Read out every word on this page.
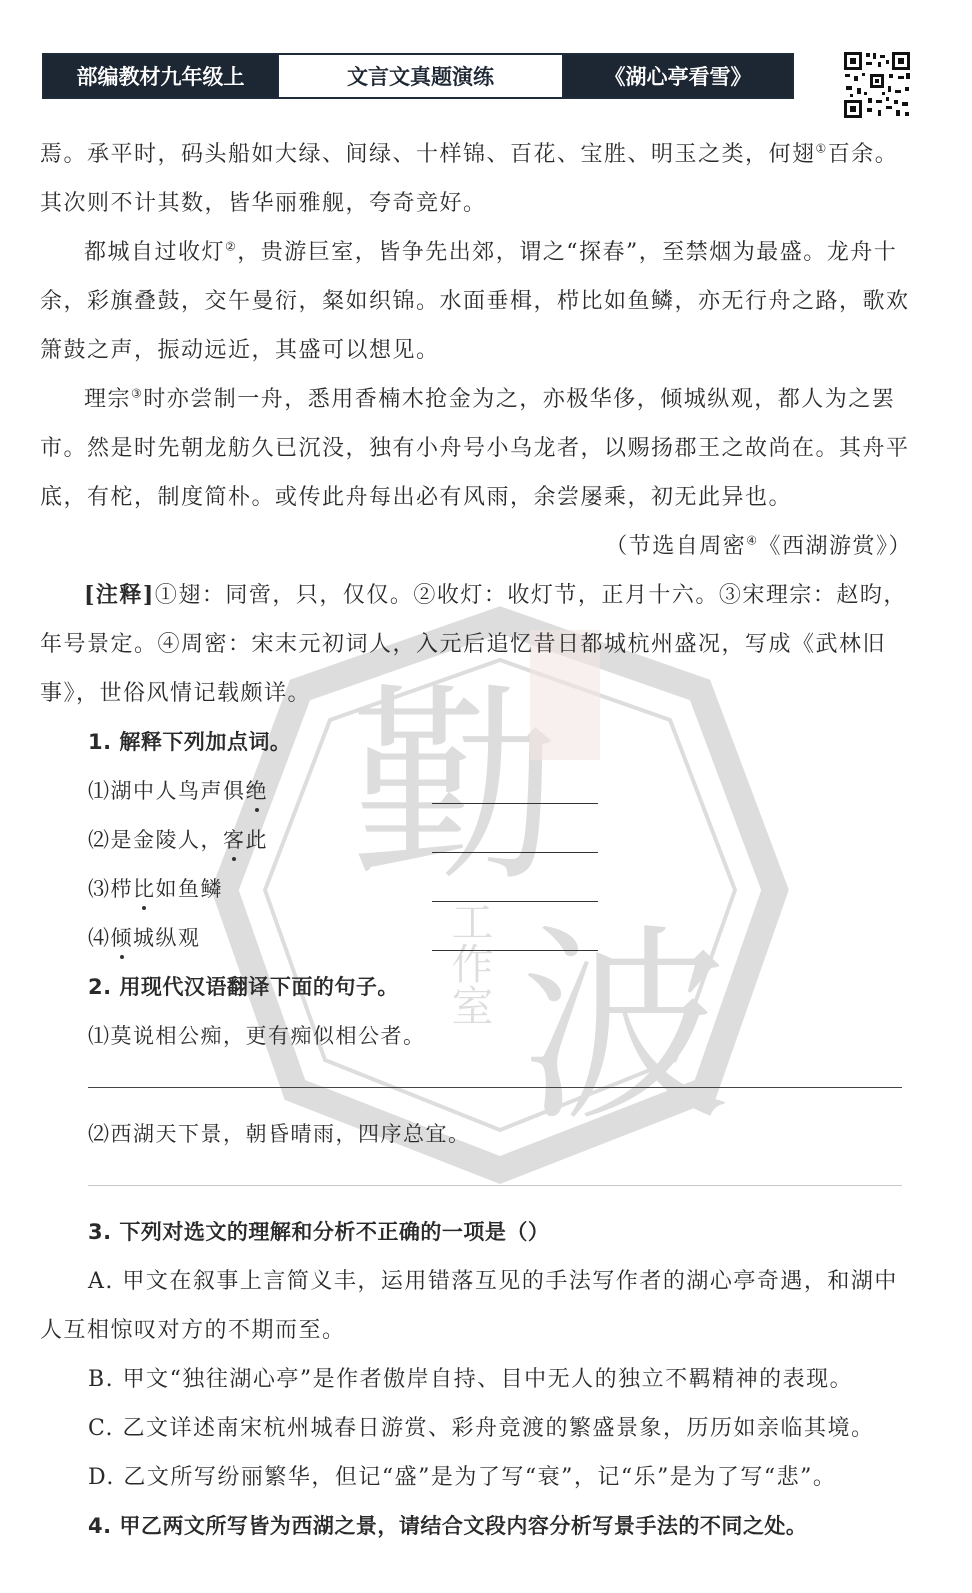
部编教材九年级上	文言文真题演练	《湖心亭看雪》
勤
波
工作室

焉。承平时，码头船如大绿、间绿、十样锦、百花、宝胜、明玉之类，何翅①百余。其次则不计其数，皆华丽雅舰，夸奇竞好。

都城自过收灯②，贵游巨室，皆争先出郊，谓之“探春”，至禁烟为最盛。龙舟十余，彩旗叠鼓，交午曼衍，粲如织锦。水面垂楫，栉比如鱼鳞，亦无行舟之路，歌欢箫鼓之声，振动远近，其盛可以想见。

理宗③时亦尝制一舟，悉用香楠木抢金为之，亦极华侈，倾城纵观，都人为之罢市。然是时先朝龙舫久已沉没，独有小舟号小乌龙者，以赐扬郡王之故尚在。其舟平底，有柁，制度简朴。或传此舟每出必有风雨，余尝屡乘，初无此异也。

（节选自周密④《西湖游赏》）

[注释]①翅：同啻，只，仅仅。②收灯：收灯节，正月十六。③宋理宗：赵昀，年号景定。④周密：宋末元初词人，入元后追忆昔日都城杭州盛况，写成《武林旧事》，世俗风情记载颇详。

1. 解释下列加点词。

⑴湖中人鸟声俱绝

⑵是金陵人，客此

⑶栉比如鱼鳞

⑷倾城纵观

2. 用现代汉语翻译下面的句子。

⑴莫说相公痴，更有痴似相公者。

⑵西湖天下景，朝昏晴雨，四序总宜。

3. 下列对选文的理解和分析不正确的一项是（）

A. 甲文在叙事上言简义丰，运用错落互见的手法写作者的湖心亭奇遇，和湖中人互相惊叹对方的不期而至。

B. 甲文“独往湖心亭”是作者傲岸自持、目中无人的独立不羁精神的表现。

C. 乙文详述南宋杭州城春日游赏、彩舟竞渡的繁盛景象，历历如亲临其境。

D. 乙文所写纷丽繁华，但记“盛”是为了写“衰”，记“乐”是为了写“悲”。

4. 甲乙两文所写皆为西湖之景，请结合文段内容分析写景手法的不同之处。
